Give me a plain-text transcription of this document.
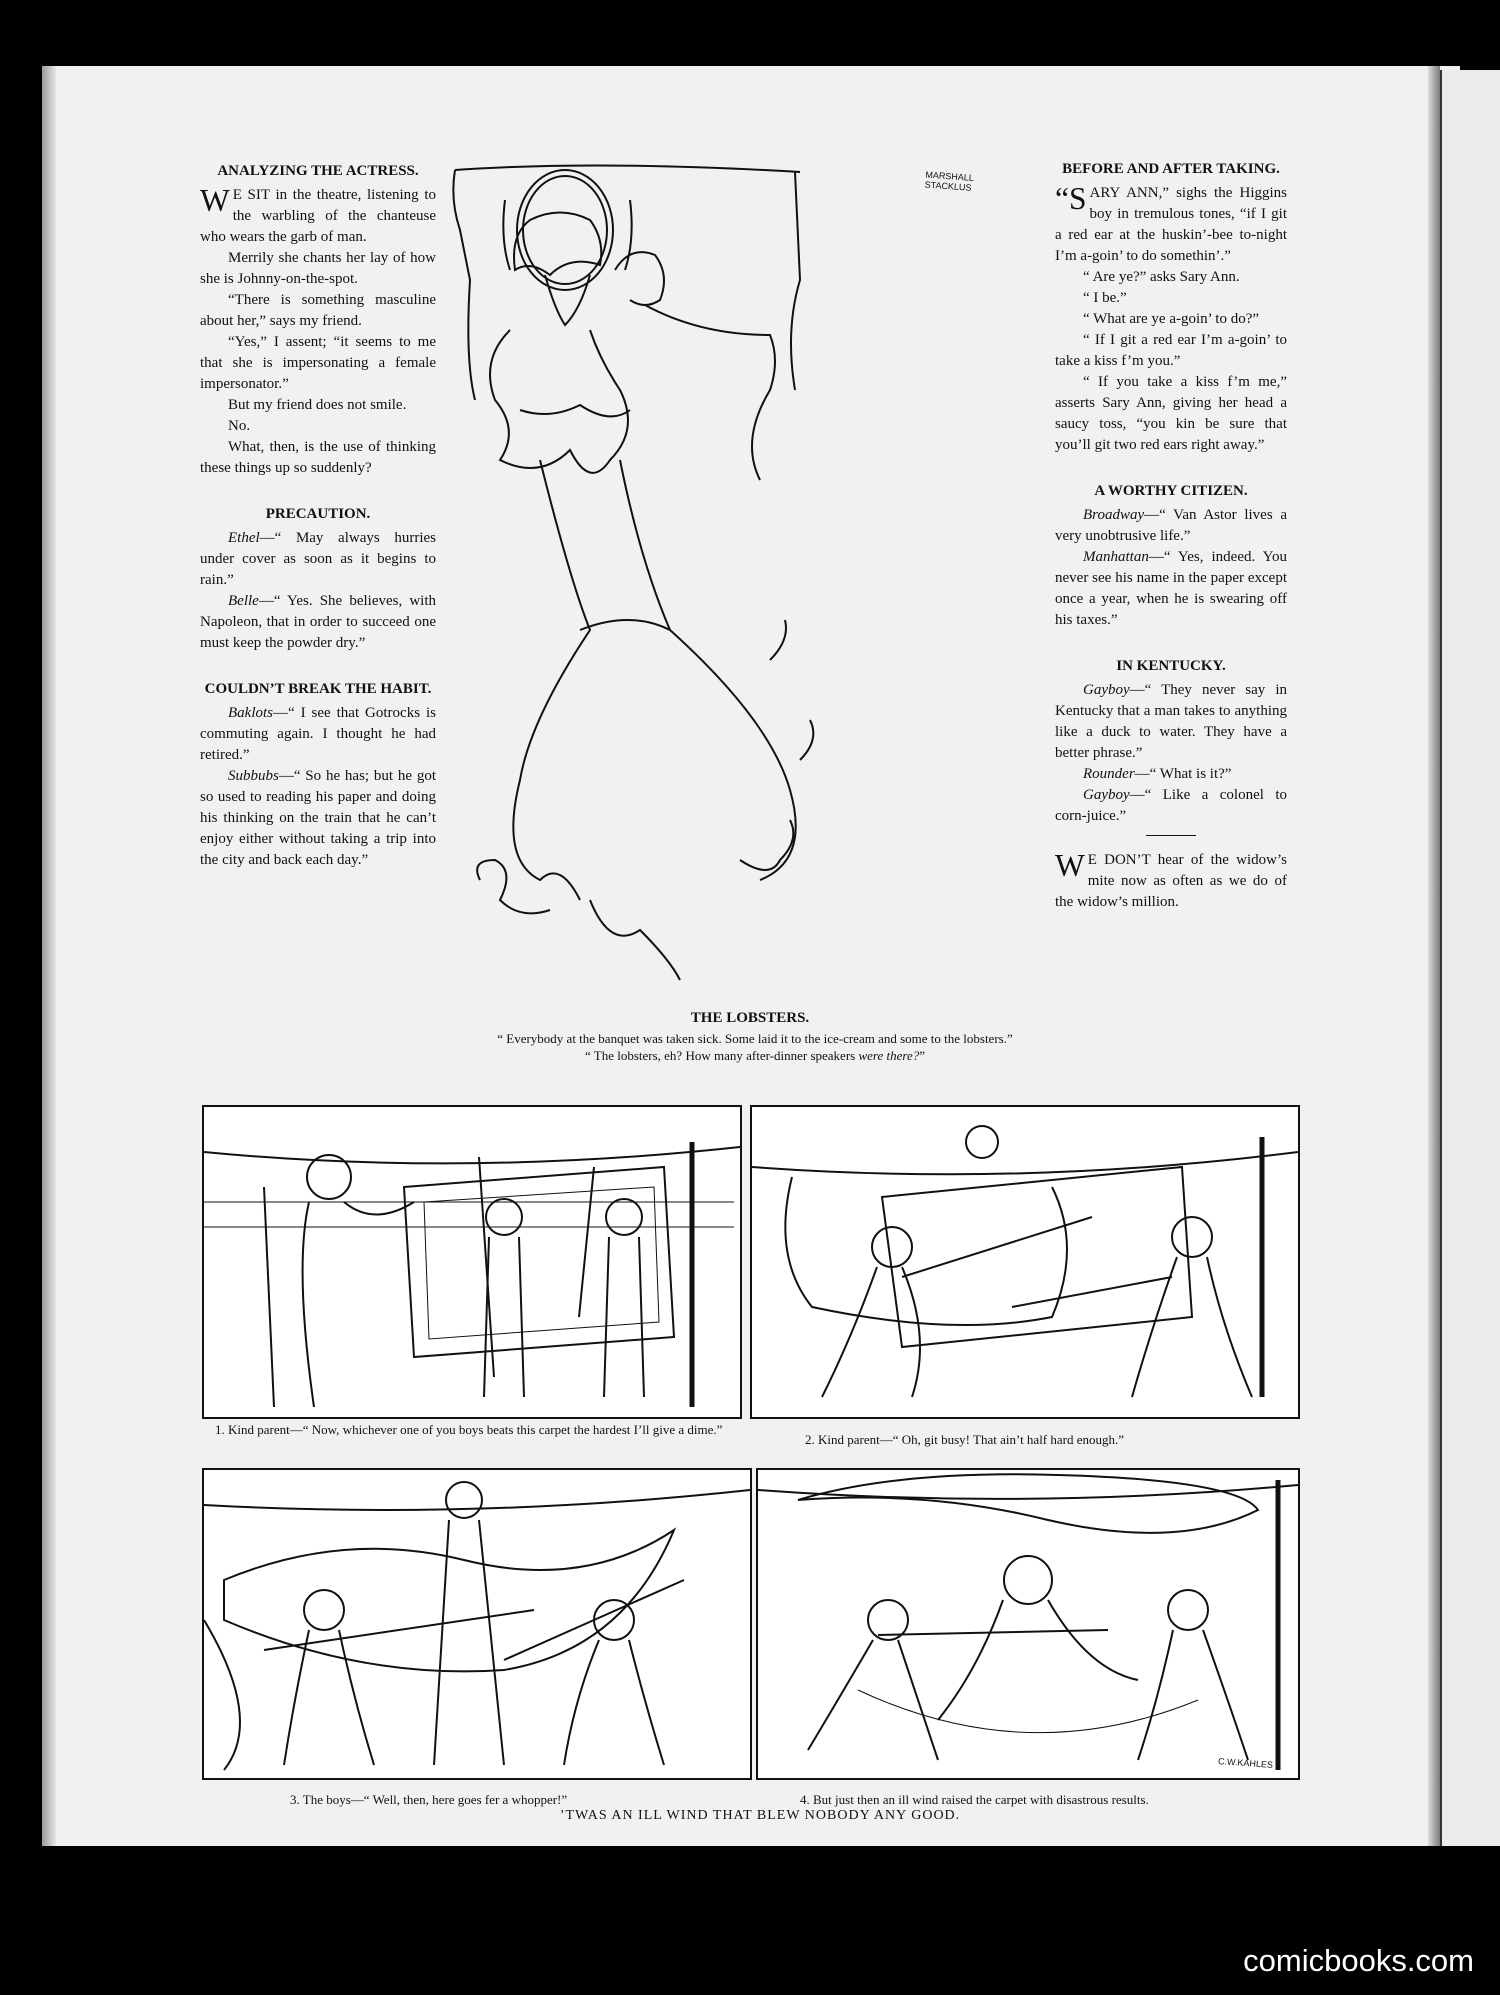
ANALYZING THE ACTRESS.

W E SIT in the theatre, listening to the warbling of the chanteuse who wears the garb of man.

Merrily she chants her lay of how she is Johnny-on-the-spot.

“There is something masculine about her,” says my friend.

“Yes,” I assent; “it seems to me that she is impersonating a female impersonator.”

But my friend does not smile.

No.

What, then, is the use of thinking these things up so suddenly?

PRECAUTION.

Ethel—“ May always hurries under cover as soon as it begins to rain.”

Belle—“ Yes. She believes, with Napoleon, that in order to succeed one must keep the powder dry.”

COULDN’T BREAK THE HABIT.

Baklots—“ I see that Gotrocks is commuting again. I thought he had retired.”

Subbubs—“ So he has; but he got so used to reading his paper and doing his thinking on the train that he can’t enjoy either without taking a trip into the city and back each day.”

MARSHALL STACKLUS
THE LOBSTERS.
“ Everybody at the banquet was taken sick. Some laid it to the ice-cream and some to the lobsters.”
“ The lobsters, eh? How many after-dinner speakers were there?”
BEFORE AND AFTER TAKING.

“SARY ANN,” sighs the Higgins boy in tremulous tones, “if I git a red ear at the huskin’-bee to-night I’m a-goin’ to do somethin’.”

“ Are ye?” asks Sary Ann.

“ I be.”

“ What are ye a-goin’ to do?”

“ If I git a red ear I’m a-goin’ to take a kiss f’m you.”

“ If you take a kiss f’m me,” asserts Sary Ann, giving her head a saucy toss, “you kin be sure that you’ll git two red ears right away.”

A WORTHY CITIZEN.

Broadway—“ Van Astor lives a very unobtrusive life.”

Manhattan—“ Yes, indeed. You never see his name in the paper except once a year, when he is swearing off his taxes.”

IN KENTUCKY.

Gayboy—“ They never say in Kentucky that a man takes to anything like a duck to water. They have a better phrase.”

Rounder—“ What is it?”

Gayboy—“ Like a colonel to corn-juice.”

W E DON’T hear of the widow’s mite now as often as we do of the widow’s million.

1. Kind parent—“ Now, whichever one of you boys beats this carpet the hardest I’ll give a dime.”
2. Kind parent—“ Oh, git busy! That ain’t half hard enough.”
3. The boys—“ Well, then, here goes fer a whopper!”
C.W.KAHLES
4. But just then an ill wind raised the carpet with disastrous results.
’TWAS AN ILL WIND THAT BLEW NOBODY ANY GOOD.
comicbooks.com
